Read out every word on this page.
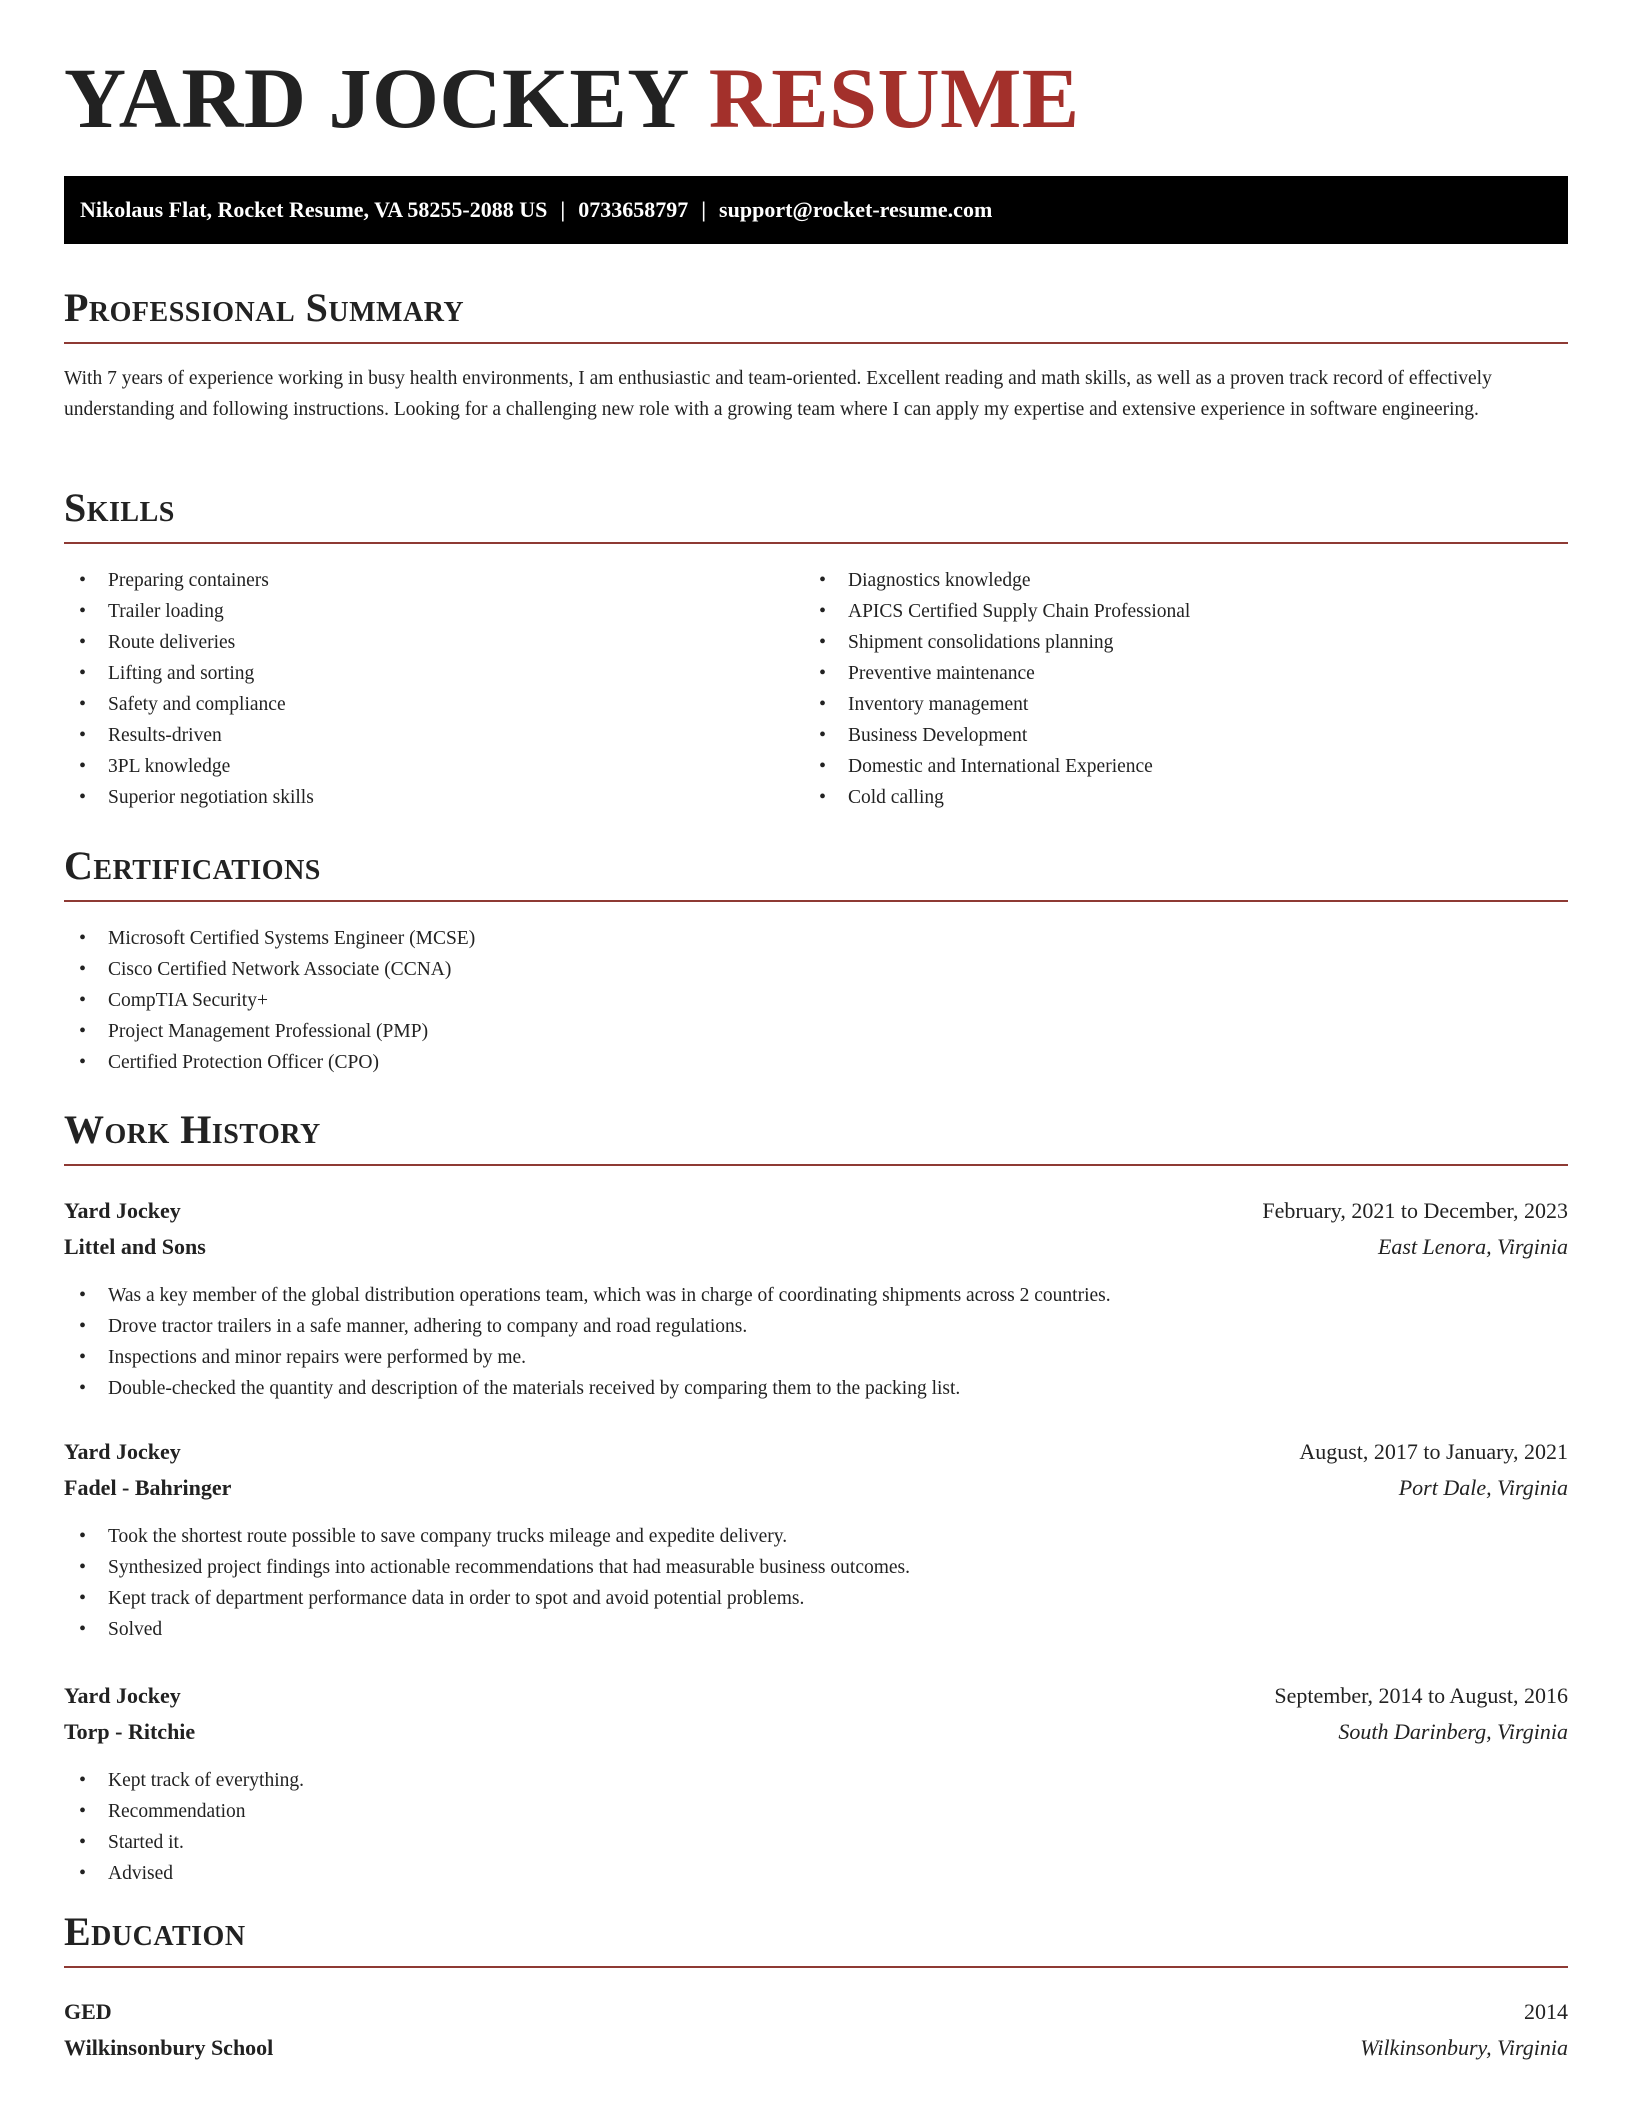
YARD JOCKEY RESUME
Nikolaus Flat, Rocket Resume, VA 58255-2088 US | 0733658797 | support@rocket-resume.com
Professional Summary

With 7 years of experience working in busy health environments, I am enthusiastic and team-oriented. Excellent reading and math skills, as well as a proven track record of effectively understanding and following instructions. Looking for a challenging new role with a growing team where I can apply my expertise and extensive experience in software engineering.

Skills
• Preparing containers
• Trailer loading
• Route deliveries
• Lifting and sorting
• Safety and compliance
• Results-driven
• 3PL knowledge
• Superior negotiation skills
• Diagnostics knowledge
• APICS Certified Supply Chain Professional
• Shipment consolidations planning
• Preventive maintenance
• Inventory management
• Business Development
• Domestic and International Experience
• Cold calling
Certifications
• Microsoft Certified Systems Engineer (MCSE)
• Cisco Certified Network Associate (CCNA)
• CompTIA Security+
• Project Management Professional (PMP)
• Certified Protection Officer (CPO)
Work History
Yard Jockey	February, 2021 to December, 2023
Littel and Sons	East Lenora, Virginia
• Was a key member of the global distribution operations team, which was in charge of coordinating shipments across 2 countries.
• Drove tractor trailers in a safe manner, adhering to company and road regulations.
• Inspections and minor repairs were performed by me.
• Double-checked the quantity and description of the materials received by comparing them to the packing list.
Yard Jockey	August, 2017 to January, 2021
Fadel - Bahringer	Port Dale, Virginia
• Took the shortest route possible to save company trucks mileage and expedite delivery.
• Synthesized project findings into actionable recommendations that had measurable business outcomes.
• Kept track of department performance data in order to spot and avoid potential problems.
• Solved
Yard Jockey	September, 2014 to August, 2016
Torp - Ritchie	South Darinberg, Virginia
• Kept track of everything.
• Recommendation
• Started it.
• Advised
Education
GED	2014
Wilkinsonbury School	Wilkinsonbury, Virginia
